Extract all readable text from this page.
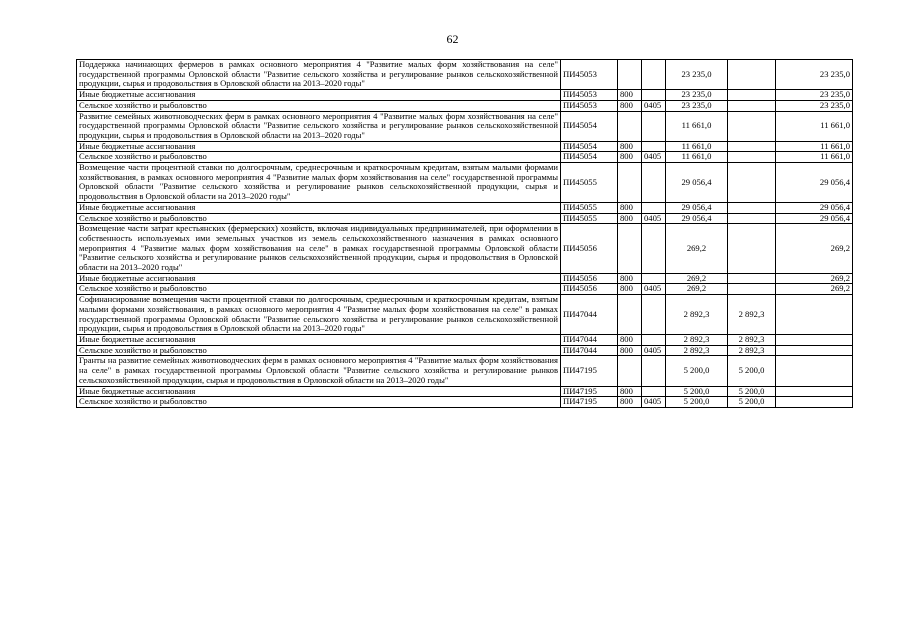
62
Поддержка начинающих фермеров в рамках основного мероприятия 4 "Развитие малых форм хозяйствования на селе" государственной программы Орловской области "Развитие сельского хозяйства и регулирование рынков сельскохозяйственной продукции, сырья и продовольствия в Орловской области на 2013–2020 годы"	ПИ45053			23 235,0		23 235,0
Иные бюджетные ассигнования	ПИ45053	800		23 235,0		23 235,0
Сельское хозяйство и рыболовство	ПИ45053	800	0405	23 235,0		23 235,0
Развитие семейных животноводческих ферм в рамках основного мероприятия 4 "Развитие малых форм хозяйствования на селе" государственной программы Орловской области "Развитие сельского хозяйства и регулирование рынков сельскохозяйственной продукции, сырья и продовольствия в Орловской области на 2013–2020 годы"	ПИ45054			11 661,0		11 661,0
Иные бюджетные ассигнования	ПИ45054	800		11 661,0		11 661,0
Сельское хозяйство и рыболовство	ПИ45054	800	0405	11 661,0		11 661,0
Возмещение части процентной ставки по долгосрочным, среднесрочным и краткосрочным кредитам, взятым малыми формами хозяйствования, в рамках основного мероприятия 4 "Развитие малых форм хозяйствования на селе" государственной программы Орловской области "Развитие сельского хозяйства и регулирование рынков сельскохозяйственной продукции, сырья и продовольствия в Орловской области на 2013–2020 годы"	ПИ45055			29 056,4		29 056,4
Иные бюджетные ассигнования	ПИ45055	800		29 056,4		29 056,4
Сельское хозяйство и рыболовство	ПИ45055	800	0405	29 056,4		29 056,4
Возмещение части затрат крестьянских (фермерских) хозяйств, включая индивидуальных предпринимателей, при оформлении в собственность используемых ими земельных участков из земель сельскохозяйственного назначения в рамках основного мероприятия 4 "Развитие малых форм хозяйствования на селе" в рамках государственной программы Орловской области "Развитие сельского хозяйства и регулирование рынков сельскохозяйственной продукции, сырья и продовольствия в Орловской области на 2013–2020 годы"	ПИ45056			269,2		269,2
Иные бюджетные ассигнования	ПИ45056	800		269,2		269,2
Сельское хозяйство и рыболовство	ПИ45056	800	0405	269,2		269,2
Софинансирование возмещения части процентной ставки по долгосрочным, среднесрочным и краткосрочным кредитам, взятым малыми формами хозяйствования, в рамках основного мероприятия 4 "Развитие малых форм хозяйствования на селе" в рамках государственной программы Орловской области "Развитие сельского хозяйства и регулирование рынков сельскохозяйственной продукции, сырья и продовольствия в Орловской области на 2013–2020 годы"	ПИ47044			2 892,3	2 892,3	
Иные бюджетные ассигнования	ПИ47044	800		2 892,3	2 892,3	
Сельское хозяйство и рыболовство	ПИ47044	800	0405	2 892,3	2 892,3	
Гранты на развитие семейных животноводческих ферм в рамках основного мероприятия 4 "Развитие малых форм хозяйствования на селе" в рамках государственной программы Орловской области "Развитие сельского хозяйства и регулирование рынков сельскохозяйственной продукции, сырья и продовольствия в Орловской области на 2013–2020 годы"	ПИ47195			5 200,0	5 200,0	
Иные бюджетные ассигнования	ПИ47195	800		5 200,0	5 200,0	
Сельское хозяйство и рыболовство	ПИ47195	800	0405	5 200,0	5 200,0	
